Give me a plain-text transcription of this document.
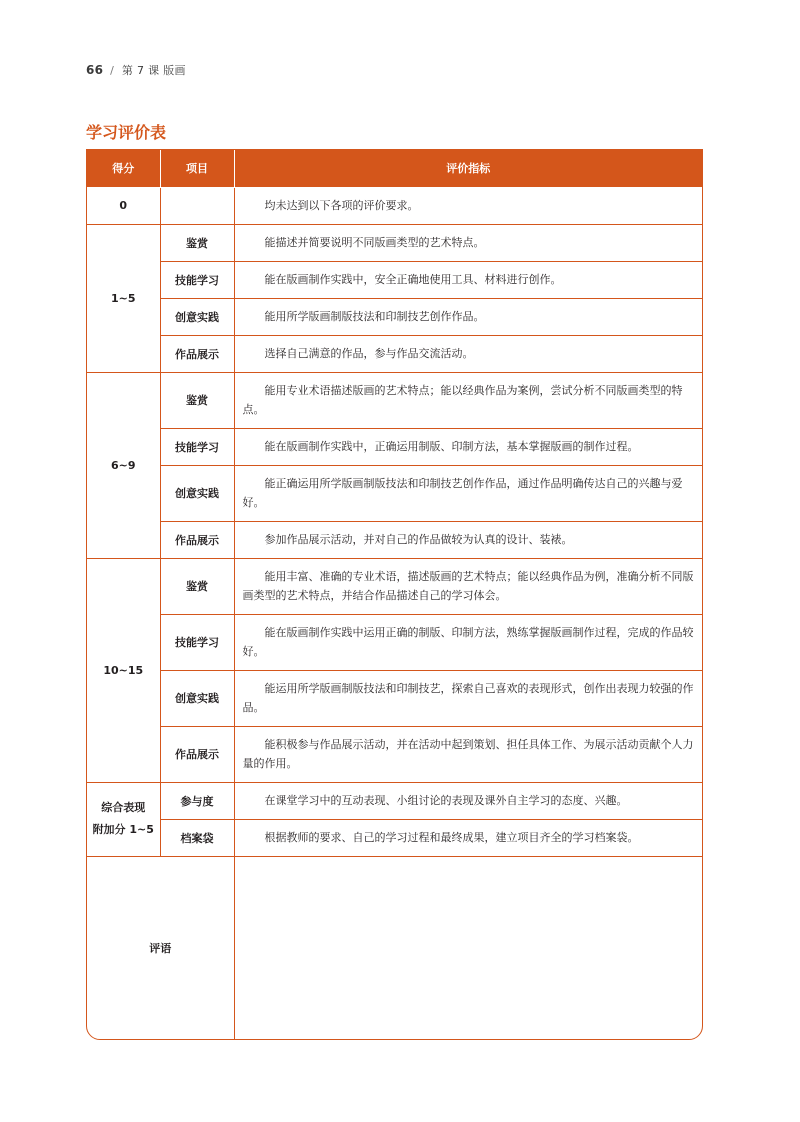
66 / 第 7 课 版画
学习评价表
得分	项目	评价指标
0		均未达到以下各项的评价要求。
1~5	鉴赏	能描述并简要说明不同版画类型的艺术特点。
	技能学习	能在版画制作实践中，安全正确地使用工具、材料进行创作。
	创意实践	能用所学版画制版技法和印制技艺创作作品。
	作品展示	选择自己满意的作品，参与作品交流活动。
6~9	鉴赏	能用专业术语描述版画的艺术特点；能以经典作品为案例，尝试分析不同版画类型的特点。
	技能学习	能在版画制作实践中，正确运用制版、印制方法，基本掌握版画的制作过程。
	创意实践	能正确运用所学版画制版技法和印制技艺创作作品，通过作品明确传达自己的兴趣与爱好。
	作品展示	参加作品展示活动，并对自己的作品做较为认真的设计、装裱。
10~15	鉴赏	能用丰富、准确的专业术语，描述版画的艺术特点；能以经典作品为例，准确分析不同版画类型的艺术特点，并结合作品描述自己的学习体会。
	技能学习	能在版画制作实践中运用正确的制版、印制方法，熟练掌握版画制作过程，完成的作品较好。
	创意实践	能运用所学版画制版技法和印制技艺，探索自己喜欢的表现形式，创作出表现力较强的作品。
	作品展示	能积极参与作品展示活动，并在活动中起到策划、担任具体工作、为展示活动贡献个人力量的作用。

综合表现
附加分 1~5	参与度	在课堂学习中的互动表现、小组讨论的表现及课外自主学习的态度、兴趣。
	档案袋	根据教师的要求、自己的学习过程和最终成果，建立项目齐全的学习档案袋。
评语		
